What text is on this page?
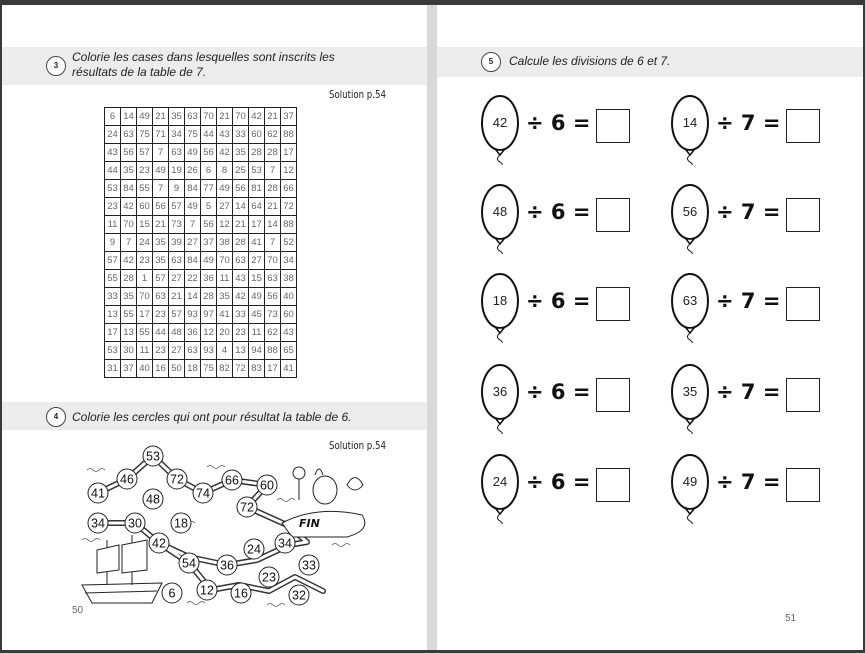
3
Colorie les cases dans lesquelles sont inscrits les
résultats de la table de 7.
Solution p.54
6	14	49	21	35	63	70	21	70	42	21	37
24	63	75	71	34	75	44	43	33	60	62	88
43	56	57	7	63	49	56	42	35	28	28	17
44	35	23	49	19	26	6	8	25	53	7	12
53	84	55	7	9	84	77	49	56	81	28	66
23	42	60	56	57	49	5	27	14	64	21	72
11	70	15	21	73	7	56	12	21	17	14	88
9	7	24	35	39	27	37	38	28	41	7	52
57	42	23	35	63	84	49	70	63	27	70	34
55	28	1	57	27	22	36	11	43	15	63	38
33	35	70	63	21	14	28	35	42	49	56	40
13	55	17	23	57	93	97	41	33	45	73	60
17	13	55	44	48	36	12	20	23	11	62	43
53	30	11	23	27	63	93	4	13	94	88	65
31	37	40	16	50	18	75	82	72	83	17	41
4	Colorie les cercles qui ont pour résultat la table de 6.
Solution p.54
FIN
53
46	72	66 60
41	48	74
72
34 30	18
42
54 36
24 34
33
23
6 12 16	32
50
5	Calcule les divisions de 6 et 7.
42 ÷ 6 =
48 ÷ 6 =
18 ÷ 6 =
36 ÷ 6 =
24 ÷ 6 =
14 ÷ 7 =
56 ÷ 7 =
63 ÷ 7 =
35 ÷ 7 =
49 ÷ 7 =
51
